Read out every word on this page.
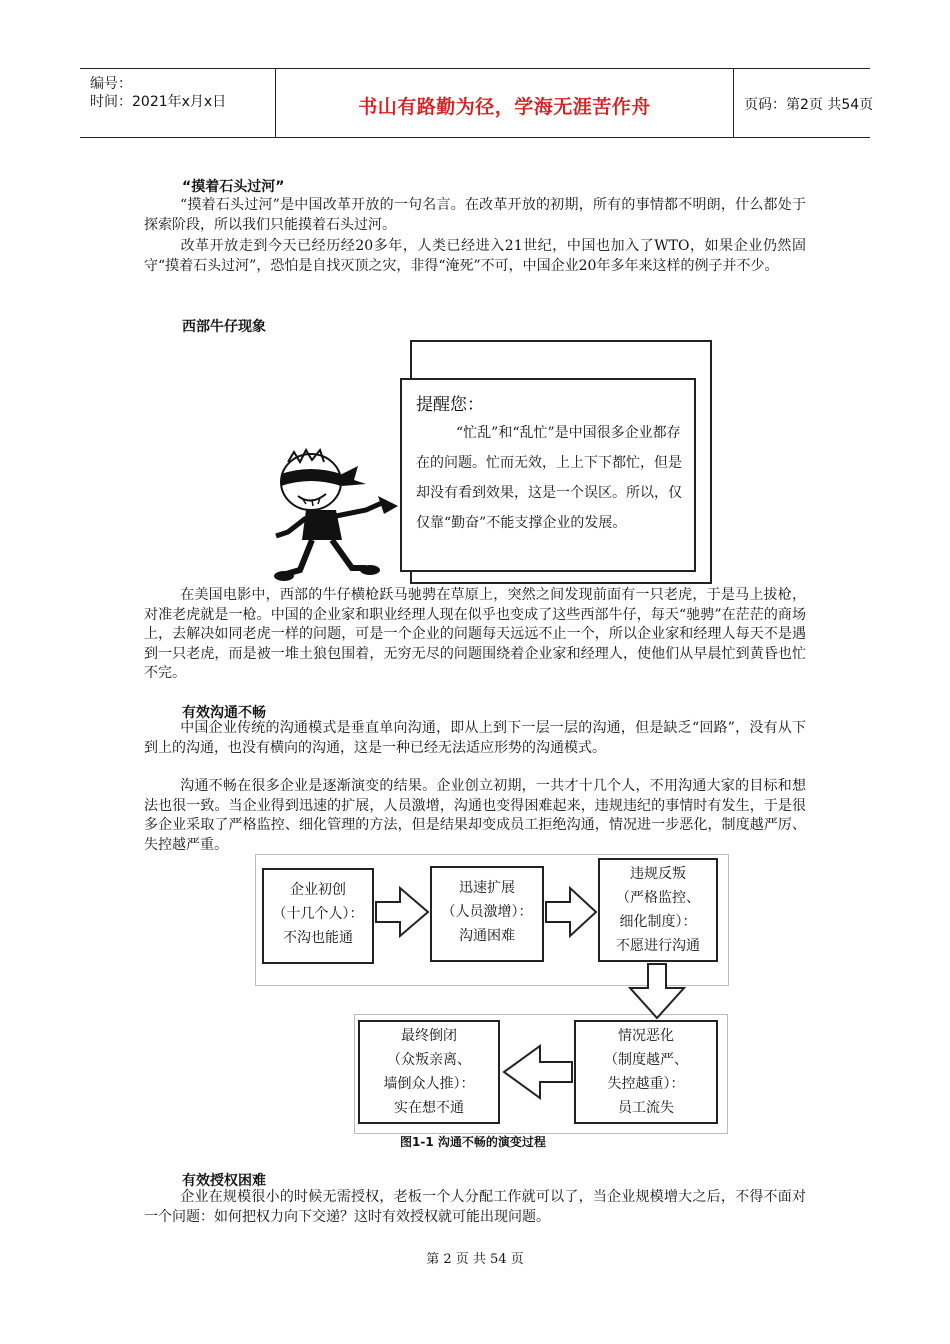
编号：
时间：2021年x月x日	书山有路勤为径，学海无涯苦作舟	页码：第2页 共54页
“摸着石头过河”

“摸着石头过河”是中国改革开放的一句名言。在改革开放的初期，所有的事情都不明朗，什么都处于探索阶段，所以我们只能摸着石头过河。

改革开放走到今天已经历经20多年，人类已经进入21世纪，中国也加入了WTO，如果企业仍然固守“摸着石头过河”，恐怕是自找灭顶之灾，非得“淹死”不可，中国企业20年多年来这样的例子并不少。

西部牛仔现象
提醒您：
“忙乱”和“乱忙”是中国很多企业都存在的问题。忙而无效，上上下下都忙，但是却没有看到效果，这是一个误区。所以，仅仅靠“勤奋”不能支撑企业的发展。

在美国电影中，西部的牛仔横枪跃马驰骋在草原上，突然之间发现前面有一只老虎，于是马上拔枪，对准老虎就是一枪。中国的企业家和职业经理人现在似乎也变成了这些西部牛仔，每天“驰骋”在茫茫的商场上，去解决如同老虎一样的问题，可是一个企业的问题每天远远不止一个，所以企业家和经理人每天不是遇到一只老虎，而是被一堆土狼包围着，无穷无尽的问题围绕着企业家和经理人，使他们从早晨忙到黄昏也忙不完。

有效沟通不畅

中国企业传统的沟通模式是垂直单向沟通，即从上到下一层一层的沟通，但是缺乏“回路”，没有从下到上的沟通，也没有横向的沟通，这是一种已经无法适应形势的沟通模式。

沟通不畅在很多企业是逐渐演变的结果。企业创立初期，一共才十几个人，不用沟通大家的目标和想法也很一致。当企业得到迅速的扩展，人员激增，沟通也变得困难起来，违规违纪的事情时有发生，于是很多企业采取了严格监控、细化管理的方法，但是结果却变成员工拒绝沟通，情况进一步恶化，制度越严厉、失控越严重。

企业初创
（十几个人）：
不沟也能通
迅速扩展
（人员激增）：
沟通困难
违规反叛
（严格监控、
细化制度）：
不愿进行沟通
情况恶化
（制度越严、
失控越重）：
员工流失
最终倒闭
（众叛亲离、
墙倒众人推）：
实在想不通
图1-1 沟通不畅的演变过程
有效授权困难

企业在规模很小的时候无需授权，老板一个人分配工作就可以了，当企业规模增大之后，不得不面对一个问题：如何把权力向下交递？这时有效授权就可能出现问题。

第 2 页 共 54 页
